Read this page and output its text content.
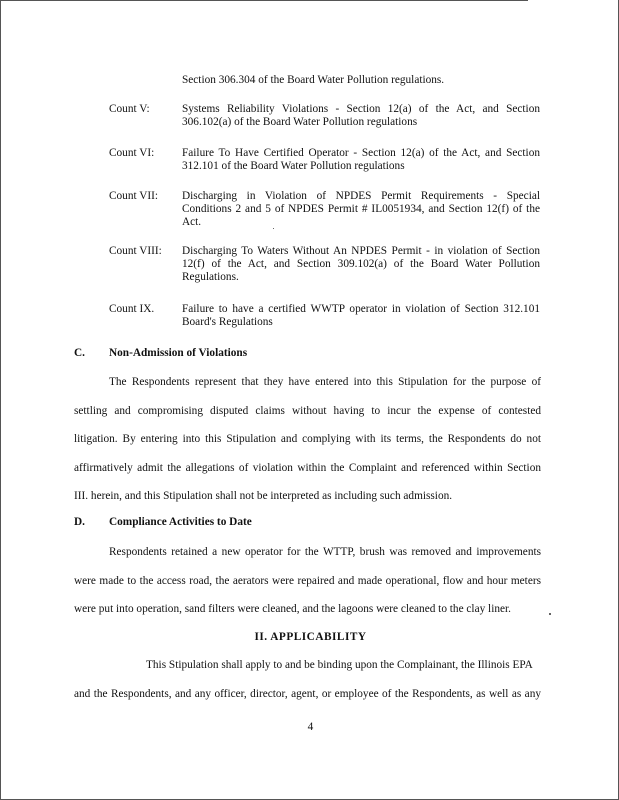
Section 306.304 of the Board Water Pollution regulations.
Count V:	Systems Reliability Violations - Section 12(a) of the Act, and Section
306.102(a) of the Board Water Pollution regulations
Count VI: Failure To Have Certified Operator - Section 12(a) of the Act, and Section
312.101 of the Board Water Pollution regulations
Count VII: Discharging in Violation of NPDES Permit Requirements - Special
Conditions 2 and 5 of NPDES Permit # IL0051934, and Section 12(f) of the
Act.
Count VIII: Discharging To Waters Without An NPDES Permit - in violation of Section
12(f) of the Act, and Section 309.102(a) of the Board Water Pollution
Regulations.
Count IX. Failure to have a certified WWTP operator in violation of Section 312.101
Board's Regulations
C. Non-Admission of Violations
The Respondents represent that they have entered into this Stipulation for the purpose of
settling and compromising disputed claims without having to incur the expense of contested
litigation. By entering into this Stipulation and complying with its terms, the Respondents do not
affirmatively admit the allegations of violation within the Complaint and referenced within Section
III. herein, and this Stipulation shall not be interpreted as including such admission.
D. Compliance Activities to Date
Respondents retained a new operator for the WTTP, brush was removed and improvements
were made to the access road, the aerators were repaired and made operational, flow and hour meters
were put into operation, sand filters were cleaned, and the lagoons were cleaned to the clay liner.
II. APPLICABILITY
This Stipulation shall apply to and be binding upon the Complainant, the Illinois EPA
and the Respondents, and any officer, director, agent, or employee of the Respondents, as well as any
4
